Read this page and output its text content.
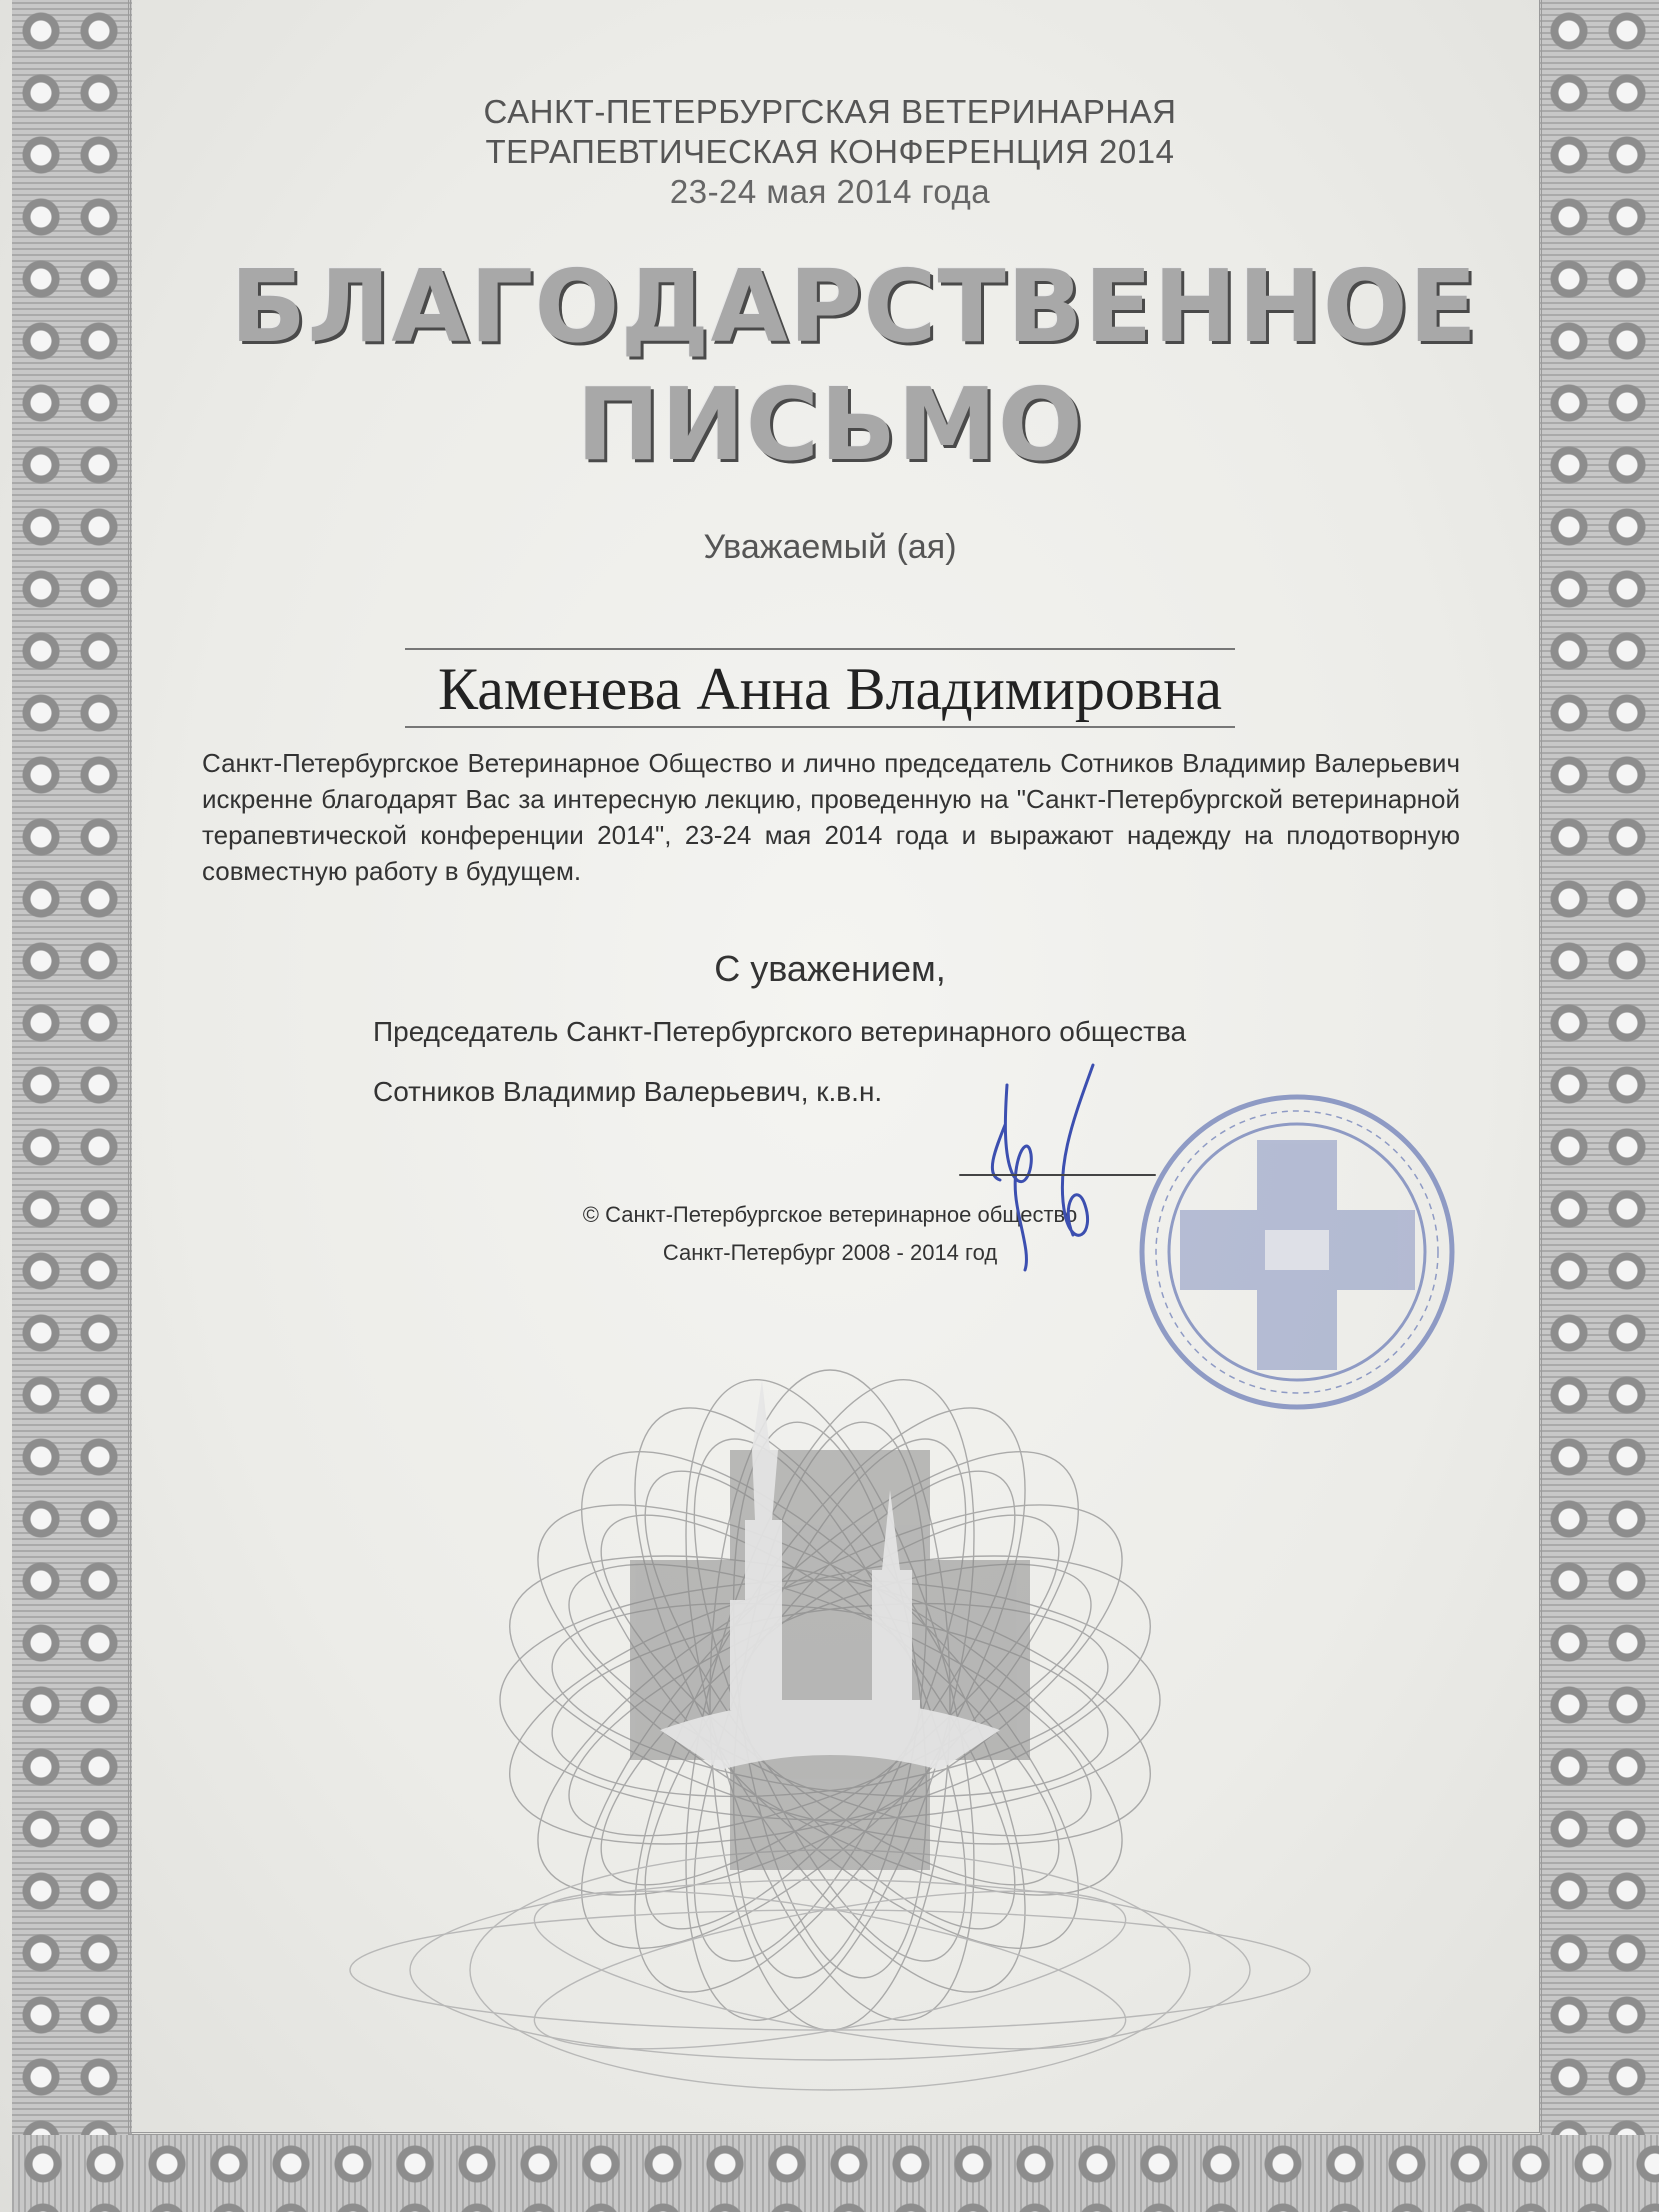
САНКТ-ПЕТЕРБУРГСКАЯ ВЕТЕРИНАРНАЯ
ТЕРАПЕВТИЧЕСКАЯ КОНФЕРЕНЦИЯ 2014
23-24 мая 2014 года
БЛАГОДАРСТВЕННОЕ
ПИСЬМО
Уважаемый (ая)
Каменева Анна Владимировна
Санкт-Петербургское Ветеринарное Общество и лично председатель Сотников Владимир Валерьевич искренне благодарят Вас за интересную лекцию, проведенную на "Санкт-Петербургской ветеринарной терапевтической конференции 2014", 23-24 мая 2014 года и выражают надежду на плодотворную совместную работу в будущем.
С уважением,
Председатель Санкт-Петербургского ветеринарного общества
Сотников Владимир Валерьевич, к.в.н.
© Санкт-Петербургское ветеринарное общество
Санкт-Петербург 2008 - 2014 год
